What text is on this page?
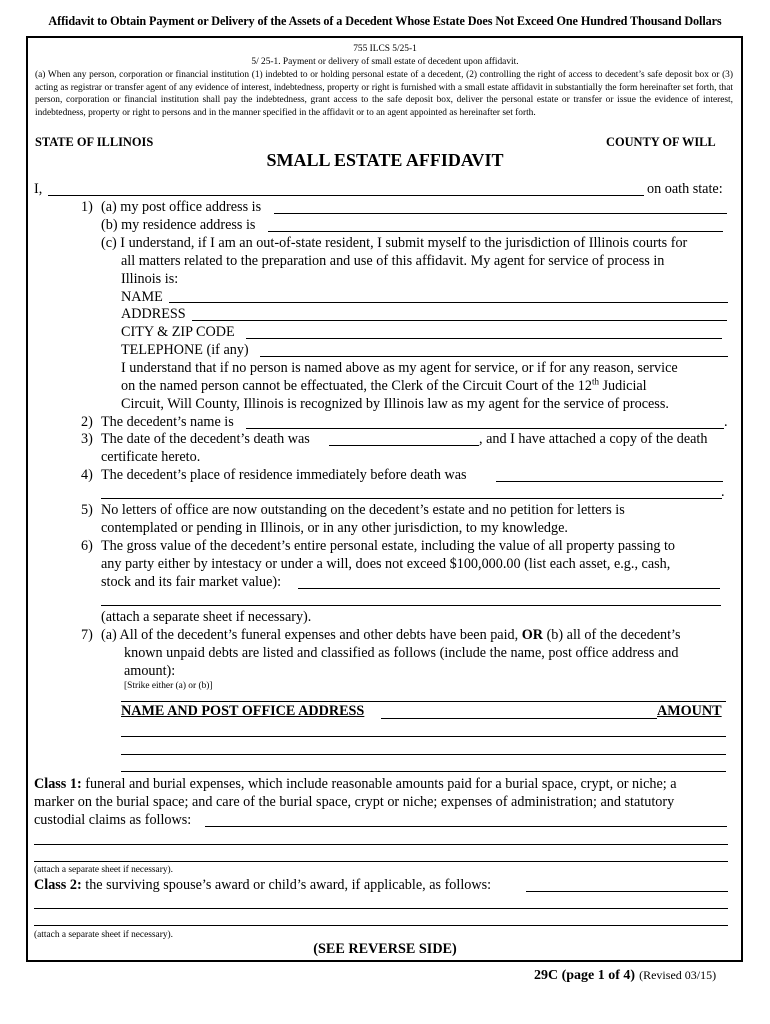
Affidavit to Obtain Payment or Delivery of the Assets of a Decedent Whose Estate Does Not Exceed One Hundred Thousand Dollars
755 ILCS 5/25-1
5/ 25-1. Payment or delivery of small estate of decedent upon affidavit.
(a) When any person, corporation or financial institution (1) indebted to or holding personal estate of a decedent, (2) controlling the right of access to decedent’s safe deposit box or (3) acting as registrar or transfer agent of any evidence of interest, indebtedness, property or right is furnished with a small estate affidavit in substantially the form hereinafter set forth, that person, corporation or financial institution shall pay the indebtedness, grant access to the safe deposit box, deliver the personal estate or transfer or issue the evidence of interest, indebtedness, property or right to persons and in the manner specified in the affidavit or to an agent appointed as hereinafter set forth.
STATE OF ILLINOIS	COUNTY OF WILL
SMALL ESTATE AFFIDAVIT
I,	on oath state:
1) (a) my post office address is
(b) my residence address is
(c) I understand, if I am an out-of-state resident, I submit myself to the jurisdiction of Illinois courts for
all matters related to the preparation and use of this affidavit. My agent for service of process in
Illinois is:
NAME
ADDRESS
CITY & ZIP CODE
TELEPHONE (if any)
I understand that if no person is named above as my agent for service, or if for any reason, service
on the named person cannot be effectuated, the Clerk of the Circuit Court of the 12th Judicial
Circuit, Will County, Illinois is recognized by Illinois law as my agent for the service of process.
2) The decedent’s name is	.
3) The date of the decedent’s death was	, and I have attached a copy of the death
certificate hereto.
4) The decedent’s place of residence immediately before death was
.
5) No letters of office are now outstanding on the decedent’s estate and no petition for letters is
contemplated or pending in Illinois, or in any other jurisdiction, to my knowledge.
6) The gross value of the decedent’s entire personal estate, including the value of all property passing to
any party either by intestacy or under a will, does not exceed $100,000.00 (list each asset, e.g., cash,
stock and its fair market value):
(attach a separate sheet if necessary).
7) (a) All of the decedent’s funeral expenses and other debts have been paid, OR (b) all of the decedent’s
known unpaid debts are listed and classified as follows (include the name, post office address and
amount):
[Strike either (a) or (b)]
NAME AND POST OFFICE ADDRESS	AMOUNT
Class 1: funeral and burial expenses, which include reasonable amounts paid for a burial space, crypt, or niche; a
marker on the burial space; and care of the burial space, crypt or niche; expenses of administration; and statutory
custodial claims as follows:
(attach a separate sheet if necessary).
Class 2: the surviving spouse’s award or child’s award, if applicable, as follows:
(attach a separate sheet if necessary).
(SEE REVERSE SIDE)
29C (page 1 of 4) (Revised 03/15)
